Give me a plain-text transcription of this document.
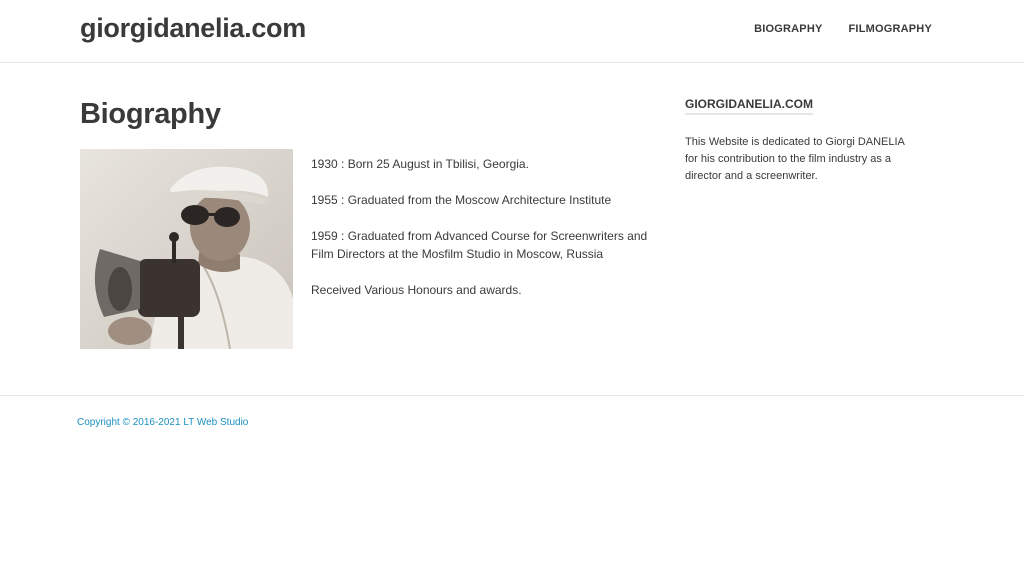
giorgidanelia.com	BIOGRAPHY FILMOGRAPHY
Biography

1930 : Born 25 August in Tbilisi, Georgia.

1955 : Graduated from the Moscow Architecture Institute

1959 : Graduated from Advanced Course for Screenwriters and Film Directors at the Mosfilm Studio in Moscow, Russia

Received Various Honours and awards.

GIORGIDANELIA.COM

This Website is dedicated to Giorgi DANELIA for his contribution to the film industry as a director and a screenwriter.

Copyright © 2016-2021 LT Web Studio
